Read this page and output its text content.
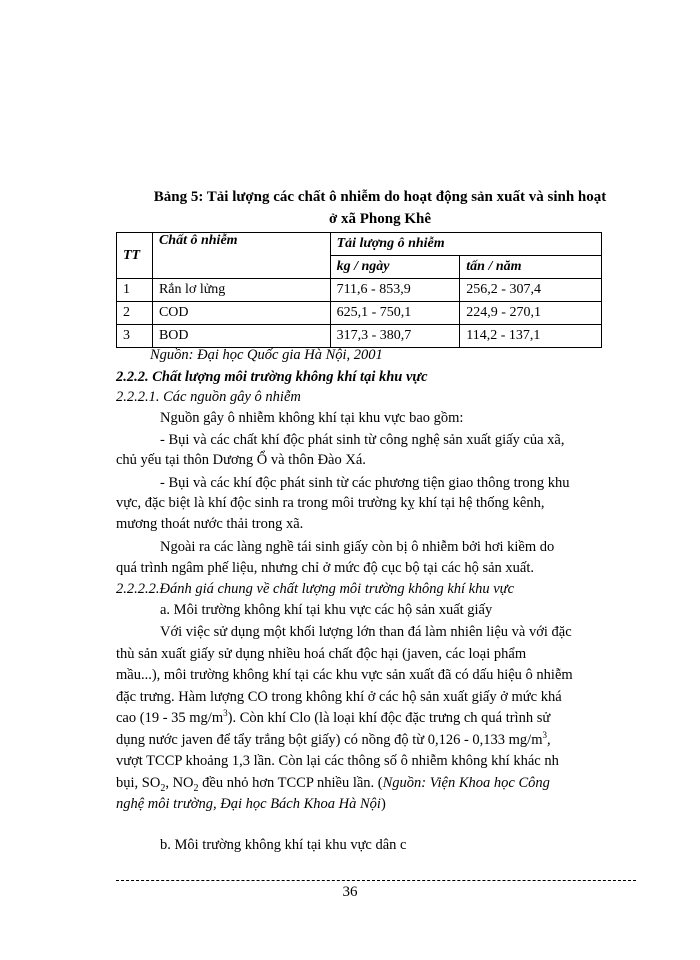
Bảng 5: Tải lượng các chất ô nhiễm do hoạt động sản xuất và sinh hoạt
ở xã Phong Khê
TT	Chất ô nhiễm	Tải lượng ô nhiễm	
		kg / ngày	tấn / năm
1	Rắn lơ lửng	711,6 - 853,9	256,2 - 307,4
2	COD	625,1 - 750,1	224,9 - 270,1
3	BOD	317,3 - 380,7	114,2 - 137,1
Nguồn: Đại học Quốc gia Hà Nội, 2001
2.2.2. Chất lượng môi trường không khí tại khu vực
2.2.2.1. Các nguồn gây ô nhiễm
Nguồn gây ô nhiễm không khí tại khu vực bao gồm:
- Bụi và các chất khí độc phát sinh từ công nghệ sản xuất giấy của xã,
chủ yếu tại thôn Dương Ổ và thôn Đào Xá.
- Bụi và các khí độc phát sinh từ các phương tiện giao thông trong khu
vực, đặc biệt là khí độc sinh ra trong môi trường kỵ khí tại hệ thống kênh,
mương thoát nước thải trong xã.
Ngoài ra các làng nghề tái sinh giấy còn bị ô nhiễm bởi hơi kiềm do
quá trình ngâm phế liệu, nhưng chỉ ở mức độ cục bộ tại các hộ sản xuất.
2.2.2.2.Đánh giá chung về chất lượng môi trường không khí khu vực
a. Môi trường không khí tại khu vực các hộ sản xuất giấy
Với việc sử dụng một khối lượng lớn than đá làm nhiên liệu và với đặc
thù sản xuất giấy sử dụng nhiều hoá chất độc hại (javen, các loại phẩm
mầu...), môi trường không khí tại các khu vực sản xuất đã có dấu hiệu ô nhiễm
đặc trưng. Hàm lượng CO trong không khí ở các hộ sản xuất giấy ở mức khá
cao (19 - 35 $mg/m^3$). Còn khí Clo (là loại khí độc đặc trưng ch quá trình sử
dụng nước javen để tẩy trắng bột giấy) có nồng độ từ 0,126 - 0,133 $mg/m^3$,
vượt TCCP khoảng 1,3 lần. Còn lại các thông số ô nhiễm không khí khác nh
bụi, $SO_2$, $NO_2$ đều nhỏ hơn TCCP nhiều lần. (Nguồn: Viện Khoa học Công
nghệ môi trường, Đại học Bách Khoa Hà Nội)
b. Môi trường không khí tại khu vực dân c
36
